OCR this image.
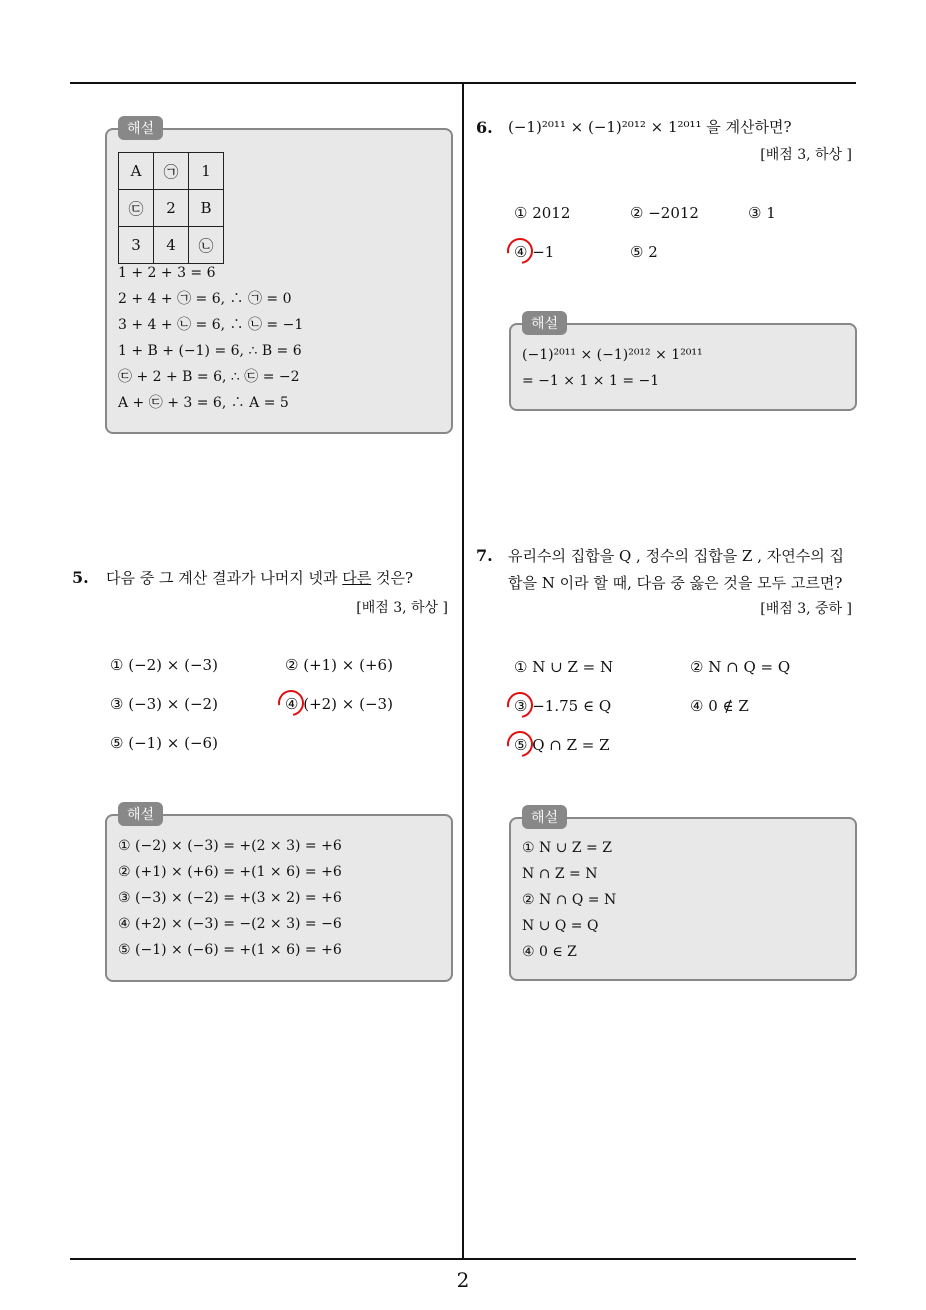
2
해설
A	㉠	1
㉢	2	B
3	4	㉡
1 + 2 + 3 = 6
2 + 4 + ㉠ = 6, ∴ ㉠ = 0
3 + 4 + ㉡ = 6, ∴ ㉡ = −1
1 + B + (−1) = 6, ∴ B = 6
㉢ + 2 + B = 6, ∴ ㉢ = −2
A + ㉢ + 3 = 6, ∴ A = 5
5. 다음 중 그 계산 결과가 나머지 넷과 다른 것은?
[배점 3, 하상 ]
① (−2) × (−3)	② (+1) × (+6)
③ (−3) × (−2)	④ (+2) × (−3)
⑤ (−1) × (−6)
해설
① (−2) × (−3) = +(2 × 3) = +6
② (+1) × (+6) = +(1 × 6) = +6
③ (−3) × (−2) = +(3 × 2) = +6
④ (+2) × (−3) = −(2 × 3) = −6
⑤ (−1) × (−6) = +(1 × 6) = +6
6. (−1)²⁰¹¹ × (−1)²⁰¹² × 1²⁰¹¹ 을 계산하면?
[배점 3, 하상 ]
① 2012	② −2012	③ 1
④ −1	⑤ 2
해설
(−1)²⁰¹¹ × (−1)²⁰¹² × 1²⁰¹¹
= −1 × 1 × 1 = −1
7. 유리수의 집합을 Q , 정수의 집합을 Z , 자연수의 집
합을 N 이라 할 때, 다음 중 옳은 것을 모두 고르면?
[배점 3, 중하 ]
① N ∪ Z = N	② N ∩ Q = Q
③ −1.75 ∈ Q	④ 0 ∉ Z
⑤ Q ∩ Z = Z
해설
① N ∪ Z = Z
N ∩ Z = N
② N ∩ Q = N
N ∪ Q = Q
④ 0 ∈ Z
